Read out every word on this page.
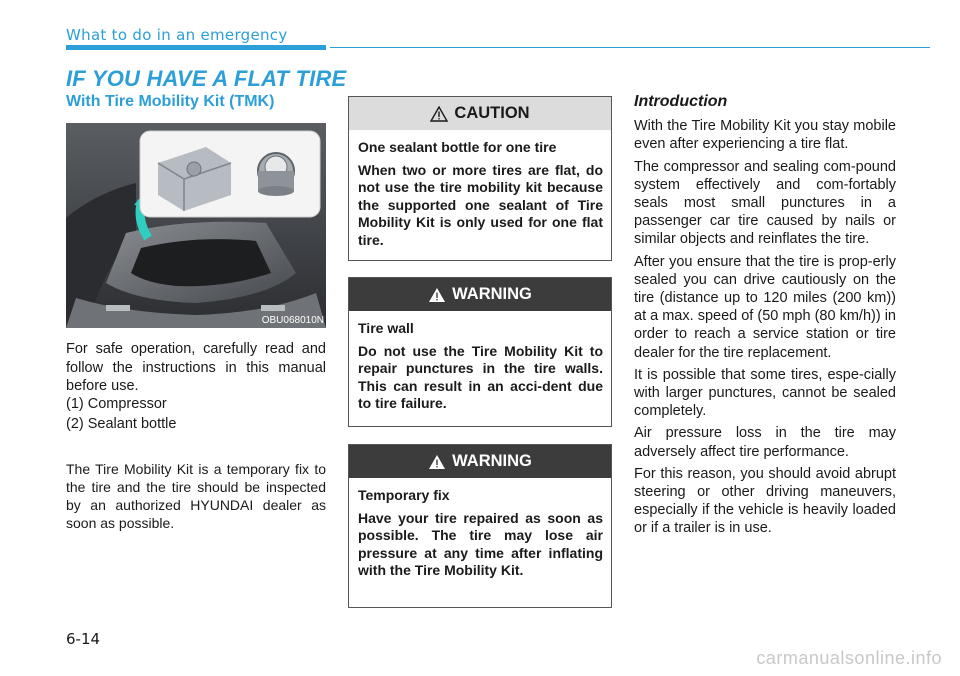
What to do in an emergency
IF YOU HAVE A FLAT TIRE
With Tire Mobility Kit (TMK)
OBU068010N

For safe operation, carefully read and follow the instructions in this manual before use.

(1) Compressor
(2) Sealant bottle

The Tire Mobility Kit is a temporary fix to the tire and the tire should be inspected by an authorized HYUNDAI dealer as soon as possible.

CAUTION

One sealant bottle for one tire

When two or more tires are flat, do not use the tire mobility kit because the supported one sealant of Tire Mobility Kit is only used for one flat tire.

WARNING

Tire wall

Do not use the Tire Mobility Kit to repair punctures in the tire walls. This can result in an acci-dent due to tire failure.

WARNING

Temporary fix

Have your tire repaired as soon as possible. The tire may lose air pressure at any time after inflating with the Tire Mobility Kit.

Introduction

With the Tire Mobility Kit you stay mobile even after experiencing a tire flat.

The compressor and sealing com-pound system effectively and com-fortably seals most small punctures in a passenger car tire caused by nails or similar objects and reinflates the tire.

After you ensure that the tire is prop-erly sealed you can drive cautiously on the tire (distance up to 120 miles (200 km)) at a max. speed of (50 mph (80 km/h)) in order to reach a service station or tire dealer for the tire replacement.

It is possible that some tires, espe-cially with larger punctures, cannot be sealed completely.

Air pressure loss in the tire may adversely affect tire performance.

For this reason, you should avoid abrupt steering or other driving maneuvers, especially if the vehicle is heavily loaded or if a trailer is in use.

6-14
carmanualsonline.info
